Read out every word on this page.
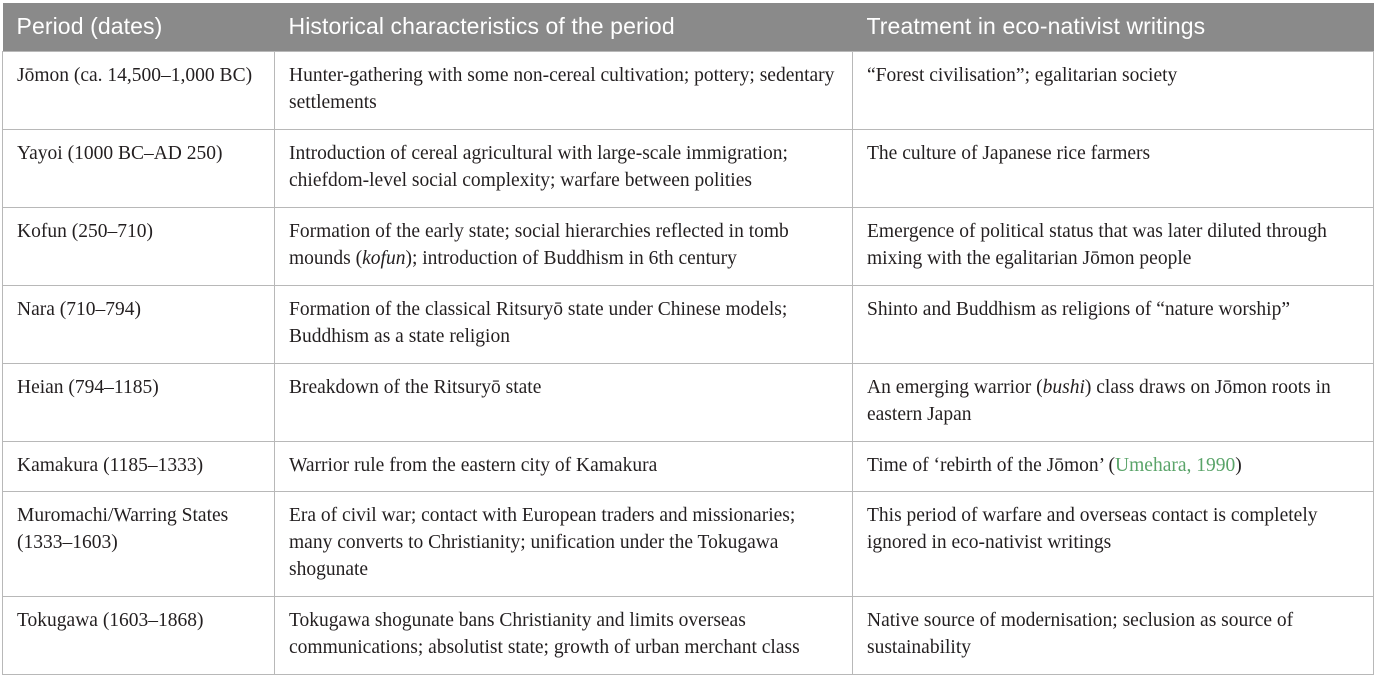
Period (dates)	Historical characteristics of the period	Treatment in eco-nativist writings
Jōmon (ca. 14,500–1,000 BC)	Hunter-gathering with some non-cereal cultivation; pottery; sedentary settlements	“Forest civilisation”; egalitarian society
Yayoi (1000 BC–AD 250)	Introduction of cereal agricultural with large-scale immigration; chiefdom-level social complexity; warfare between polities	The culture of Japanese rice farmers
Kofun (250–710)	Formation of the early state; social hierarchies reflected in tomb mounds (kofun); introduction of Buddhism in 6th century	Emergence of political status that was later diluted through mixing with the egalitarian Jōmon people
Nara (710–794)	Formation of the classical Ritsuryō state under Chinese models; Buddhism as a state religion	Shinto and Buddhism as religions of “nature worship”
Heian (794–1185)	Breakdown of the Ritsuryō state	An emerging warrior (bushi) class draws on Jōmon roots in eastern Japan
Kamakura (1185–1333)	Warrior rule from the eastern city of Kamakura	Time of ‘rebirth of the Jōmon’ (Umehara, 1990)
Muromachi/Warring States (1333–1603)	Era of civil war; contact with European traders and missionaries; many converts to Christianity; unification under the Tokugawa shogunate	This period of warfare and overseas contact is completely ignored in eco-nativist writings
Tokugawa (1603–1868)	Tokugawa shogunate bans Christianity and limits overseas communications; absolutist state; growth of urban merchant class	Native source of modernisation; seclusion as source of sustainability
